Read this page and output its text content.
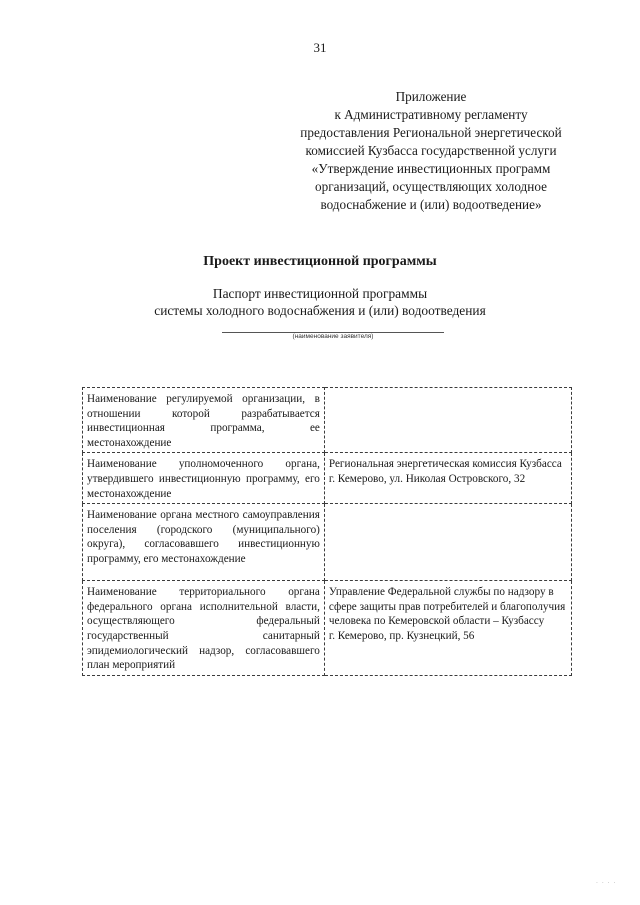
31
Приложение
к Административному регламенту
предоставления Региональной энергетической
комиссией Кузбасса государственной услуги
«Утверждение инвестиционных программ
организаций, осуществляющих холодное
водоснабжение и (или) водоотведение»
Проект инвестиционной программы
Паспорт инвестиционной программы
системы холодного водоснабжения и (или) водоотведения
(наименование заявителя)
Наименование регулируемой организации, в отношении которой разрабатывается инвестиционная программа, ее местонахождение	
Наименование уполномоченного органа, утвердившего инвестиционную программу, его местонахождение	Региональная энергетическая комиссия Кузбасса
г. Кемерово, ул. Николая Островского, 32

Наименование органа местного самоуправления поселения (городского (муниципального) округа), согласовавшего инвестиционную программу, его местонахождение	
Наименование территориального органа федерального органа исполнительной власти, осуществляющего федеральный государственный санитарный эпидемиологический надзор, согласовавшего план мероприятий	Управление Федеральной службы по надзору в сфере защиты прав потребителей и благополучия человека по Кемеровской области – Кузбассу
г. Кемерово, пр. Кузнецкий, 56
· · · ·
